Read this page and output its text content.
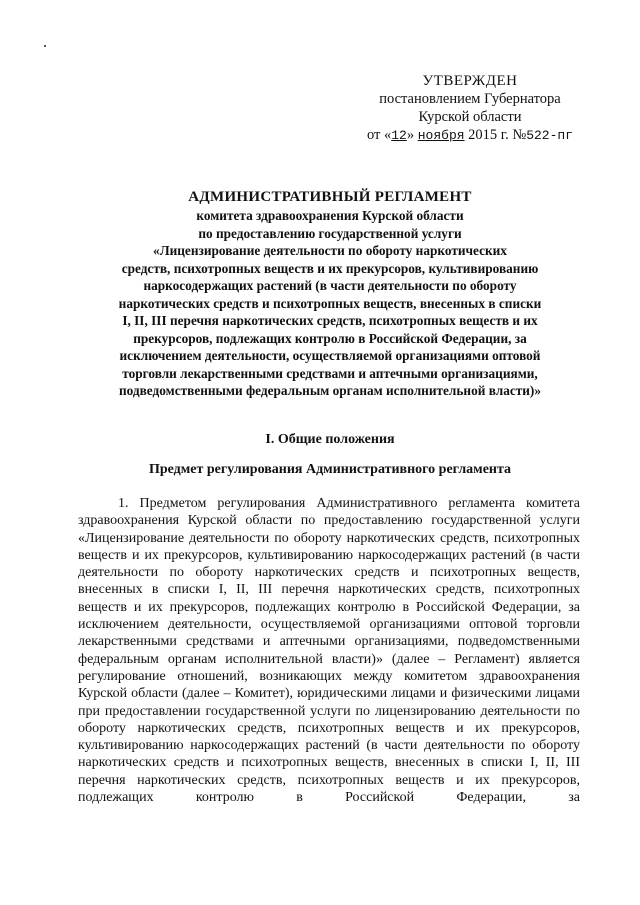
УТВЕРЖДЕН
постановлением Губернатора
Курской области
от «12» ноября 2015 г. №522-пг
АДМИНИСТРАТИВНЫЙ РЕГЛАМЕНТ
комитета здравоохранения Курской области
по предоставлению государственной услуги
«Лицензирование деятельности по обороту наркотических
средств, психотропных веществ и их прекурсоров, культивированию
наркосодержащих растений (в части деятельности по обороту
наркотических средств и психотропных веществ, внесенных в списки
I, II, III перечня наркотических средств, психотропных веществ и их
прекурсоров, подлежащих контролю в Российской Федерации, за
исключением деятельности, осуществляемой организациями оптовой
торговли лекарственными средствами и аптечными организациями,
подведомственными федеральным органам исполнительной власти)»
I. Общие положения
Предмет регулирования Административного регламента

1. Предметом регулирования Административного регламента комитета здравоохранения Курской области по предоставлению государственной услуги «Лицензирование деятельности по обороту наркотических средств, психотропных веществ и их прекурсоров, культивированию наркосодержащих растений (в части деятельности по обороту наркотических средств и психотропных веществ, внесенных в списки I, II, III перечня наркотических средств, психотропных веществ и их прекурсоров, подлежащих контролю в Российской Федерации, за исключением деятельности, осуществляемой организациями оптовой торговли лекарственными средствами и аптечными организациями, подведомственными федеральным органам исполнительной власти)» (далее – Регламент) является регулирование отношений, возникающих между комитетом здравоохранения Курской области (далее – Комитет), юридическими лицами и физическими лицами при предоставлении государственной услуги по лицензированию деятельности по обороту наркотических средств, психотропных веществ и их прекурсоров, культивированию наркосодержащих растений (в части деятельности по обороту наркотических средств и психотропных веществ, внесенных в списки I, II, III перечня наркотических средств, психотропных веществ и их прекурсоров, подлежащих контролю в Российской Федерации, за
